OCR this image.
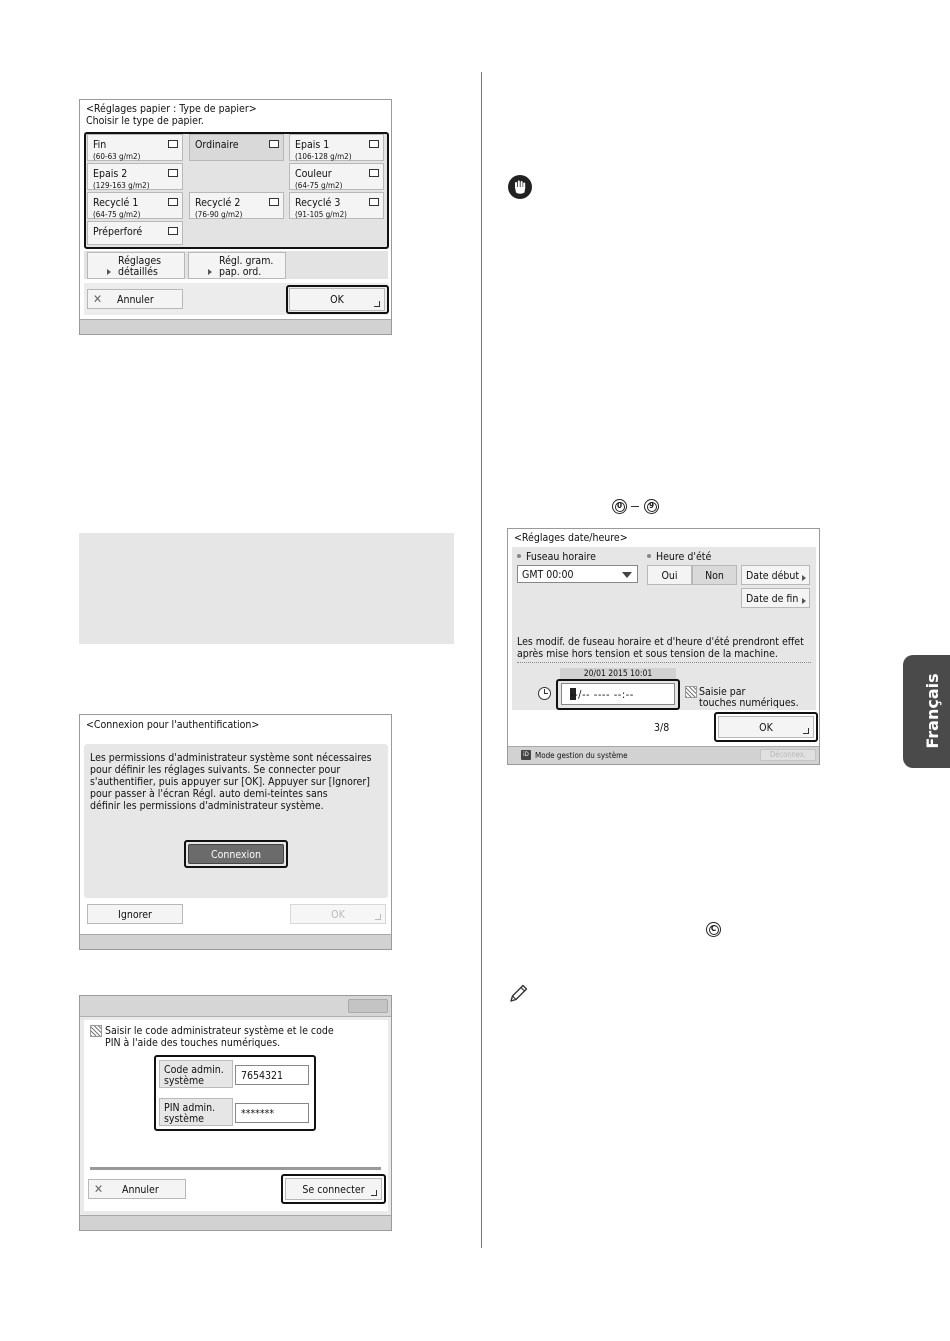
<Réglages papier : Type de papier>
Choisir le type de papier.
Fin
(60-63 g/m2)
Ordinaire	Epais 1
(106-128 g/m2)
Epais 2
(129-163 g/m2)
Couleur
(64-75 g/m2)
Recyclé 1
(64-75 g/m2)
Recyclé 2
(76-90 g/m2)
Recyclé 3
(91-105 g/m2)
Préperforé
Réglages
détaillés
Régl. gram.
pap. ord.
✕ Annuler	OK
<Connexion pour l'authentification>
Les permissions d'administrateur système sont nécessaires
pour définir les réglages suivants. Se connecter pour
s'authentifier, puis appuyer sur [OK]. Appuyer sur [Ignorer]
pour passer à l'écran Régl. auto demi-teintes sans
définir les permissions d'administrateur système.
Connexion
Ignorer	OK
Saisir le code administrateur système et le code
PIN à l'aide des touches numériques.
Code admin.
système	7654321
PIN admin.
système	*******
✕ Annuler	Se connecter
0	9
<Réglages date/heure>
Fuseau horaire
GMT 00:00
Heure d'été
Oui	Non	Date début
Date de fin
Les modif. de fuseau horaire et d'heure d'été prendront effet
après mise hors tension et sous tension de la machine.
20/01 2015 10:01
--/-- ---- --:--	Saisie par
touches numériques.
3/8	OK
iD Mode gestion du système	Déconnex.
C
Français
